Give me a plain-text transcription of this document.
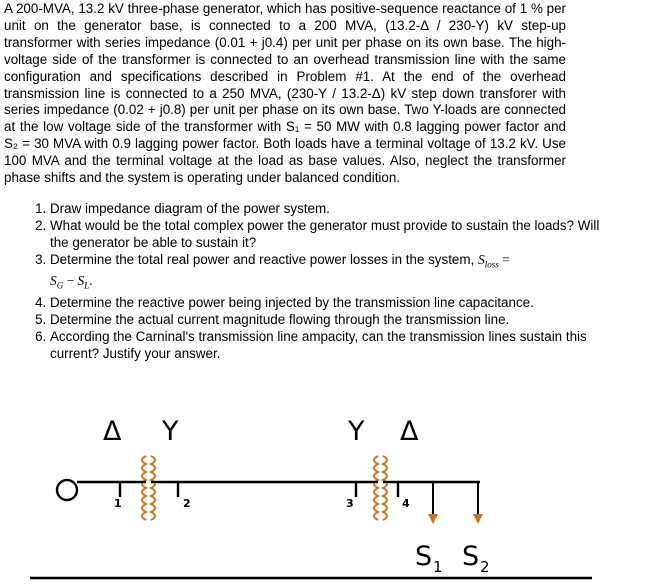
A 200-MVA, 13.2 kV three-phase generator, which has positive-sequence reactance of 1 % per unit on the generator base, is connected to a 200 MVA, (13.2-Δ / 230-Y) kV step-up transformer with series impedance (0.01 + j0.4) per unit per phase on its own base. The high-voltage side of the transformer is connected to an overhead transmission line with the same configuration and specifications described in Problem #1. At the end of the overhead transmission line is connected to a 250 MVA, (230-Y / 13.2-Δ) kV step down transforer with series impedance (0.02 + j0.8) per unit per phase on its own base. Two Y-loads are connected at the low voltage side of the transformer with S₁ = 50 MW with 0.8 lagging power factor and S₂ = 30 MVA with 0.9 lagging power factor. Both loads have a terminal voltage of 13.2 kV. Use 100 MVA and the terminal voltage at the load as base values. Also, neglect the transformer phase shifts and the system is operating under balanced condition.

1. Draw impedance diagram of the power system.
2. What would be the total complex power the generator must provide to sustain the loads? Will the generator be able to sustain it?
3. Determine the total real power and reactive power losses in the system, $S_{loss}$ =
$S_G - S_L$.
4. Determine the reactive power being injected by the transmission line capacitance.
5. Determine the actual current magnitude flowing through the transmission line.
6. According the Carninal's transmission line ampacity, can the transmission lines sustain this current? Justify your answer.
Δ Y	Y Δ
1	2	3	4
S 1 S 2
